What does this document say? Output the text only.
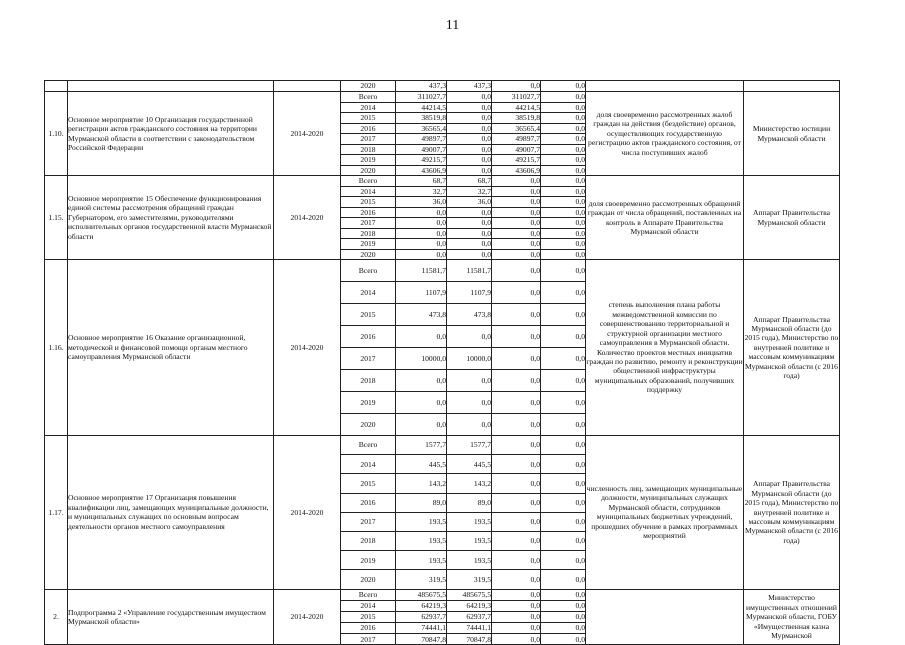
11
			2020	437,3	437,3	0,0	0,0		
1.10.	Основное мероприятие 10 Организация государственной регистрации актов гражданского состояния на территории Мурманской области в соответствии с законодательством Российской Федерации	2014-2020	Всего	311027,7	0,0	311027,7	0,0	доля своевременно рассмотренных жалоб граждан на действия (бездействие) органов, осуществляющих государственную регистрацию актов гражданского состояния, от числа поступивших жалоб	Министерство юстиции Мурманской области
			2014	44214,5	0,0	44214,5	0,0		
			2015	38519,8	0,0	38519,8	0,0		
			2016	36565,4	0,0	36565,4	0,0		
			2017	49897,7	0,0	49897,7	0,0		
			2018	49007,7	0,0	49007,7	0,0		
			2019	49215,7	0,0	49215,7	0,0		
			2020	43606,9	0,0	43606,9	0,0		
1.15.	Основное мероприятие 15 Обеспечение функционирования единой системы рассмотрения обращений граждан Губернатором, его заместителями, руководителями исполнительных органов государственной власти Мурманской области	2014-2020	Всего	68,7	68,7	0,0	0,0	доля своевременно рассмотренных обращений граждан от числа обращений, поставленных на контроль в Аппарате Правительства Мурманской области	Аппарат Правительства Мурманской области
			2014	32,7	32,7	0,0	0,0		
			2015	36,0	36,0	0,0	0,0		
			2016	0,0	0,0	0,0	0,0		
			2017	0,0	0,0	0,0	0,0		
			2018	0,0	0,0	0,0	0,0		
			2019	0,0	0,0	0,0	0,0		
			2020	0,0	0,0	0,0	0,0		
1.16.	Основное мероприятие 16 Оказание организационной, методической и финансовой помощи органам местного самоуправления Мурманской области	2014-2020	Всего	11581,7	11581,7	0,0	0,0	степень выполнения плана работы межведомственной комиссии по совершенствованию территориальной и структурной организации местного самоуправления в Мурманской области. Количество проектов местных инициатив граждан по развитию, ремонту и реконструкции общественной инфраструктуры муниципальных образований, получивших поддержку	Аппарат Правительства Мурманской области (до 2015 года), Министерство по внутренней политике и массовым коммуникациям Мурманской области (с 2016 года)
			2014	1107,9	1107,9	0,0	0,0		
			2015	473,8	473,8	0,0	0,0		
			2016	0,0	0,0	0,0	0,0		
			2017	10000,0	10000,0	0,0	0,0		
			2018	0,0	0,0	0,0	0,0		
			2019	0,0	0,0	0,0	0,0		
			2020	0,0	0,0	0,0	0,0		
1.17.	Основное мероприятие 17 Организация повышения квалификации лиц, замещающих муниципальные должности, и муниципальных служащих по основным вопросам деятельности органов местного самоуправления	2014-2020	Всего	1577,7	1577,7	0,0	0,0	численность лиц, замещающих муниципальные должности, муниципальных служащих Мурманской области, сотрудников муниципальных бюджетных учреждений, прошедших обучение в рамках программных мероприятий	Аппарат Правительства Мурманской области (до 2015 года), Министерство по внутренней политике и массовым коммуникациям Мурманской области (с 2016 года)
			2014	445,5	445,5	0,0	0,0		
			2015	143,2	143,2	0,0	0,0		
			2016	89,0	89,0	0,0	0,0		
			2017	193,5	193,5	0,0	0,0		
			2018	193,5	193,5	0,0	0,0		
			2019	193,5	193,5	0,0	0,0		
			2020	319,5	319,5	0,0	0,0		
2.	Подпрограмма 2 «Управление государственным имуществом Мурманской области»	2014-2020	Всего	485675,5	485675,5	0,0	0,0		Министерство имущественных отношений Мурманской области, ГОБУ «Имущественная казна Мурманской
			2014	64219,3	64219,3	0,0	0,0		
			2015	62937,7	62937,7	0,0	0,0		
			2016	74441,1	74441,1	0,0	0,0		
			2017	70847,8	70847,8	0,0	0,0		
